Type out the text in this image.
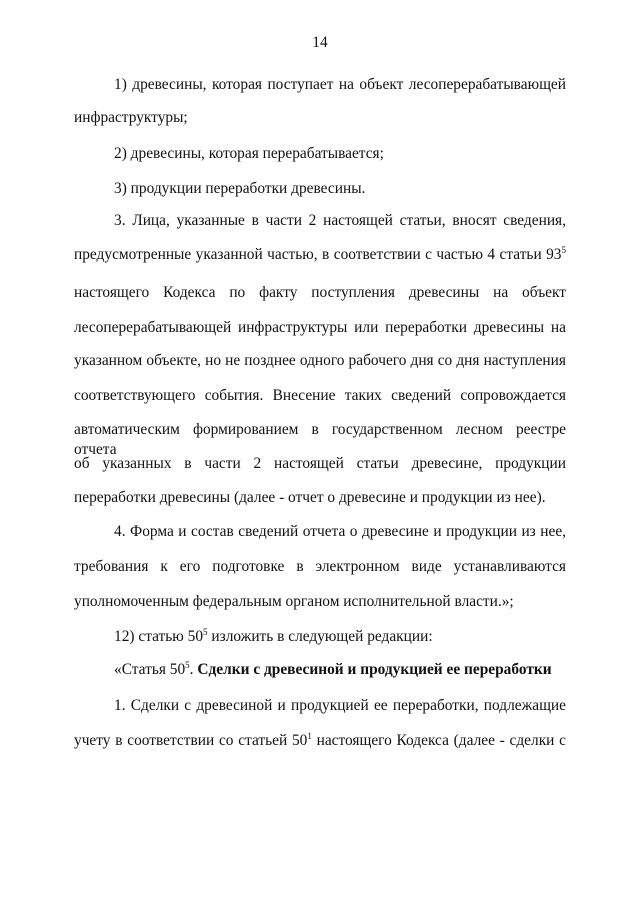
14
1) древесины, которая поступает на объект лесоперерабатывающей
инфраструктуры;
2) древесины, которая перерабатывается;
3) продукции переработки древесины.
3. Лица, указанные в части 2 настоящей статьи, вносят сведения,
предусмотренные указанной частью, в соответствии с частью 4 статьи $93^5$
настоящего Кодекса по факту поступления древесины на объект
лесоперерабатывающей инфраструктуры или переработки древесины на
указанном объекте, но не позднее одного рабочего дня со дня наступления
соответствующего события. Внесение таких сведений сопровождается
автоматическим формированием в государственном лесном реестре отчета
об указанных в части 2 настоящей статьи древесине, продукции
переработки древесины (далее - отчет о древесине и продукции из нее).
4. Форма и состав сведений отчета о древесине и продукции из нее,
требования к его подготовке в электронном виде устанавливаются
уполномоченным федеральным органом исполнительной власти.»;
12) статью $50^5$ изложить в следующей редакции:
«Статья $50^5$. Сделки с древесиной и продукцией ее переработки
1. Сделки с древесиной и продукцией ее переработки, подлежащие
учету в соответствии со статьей $50^1$ настоящего Кодекса (далее - сделки с
